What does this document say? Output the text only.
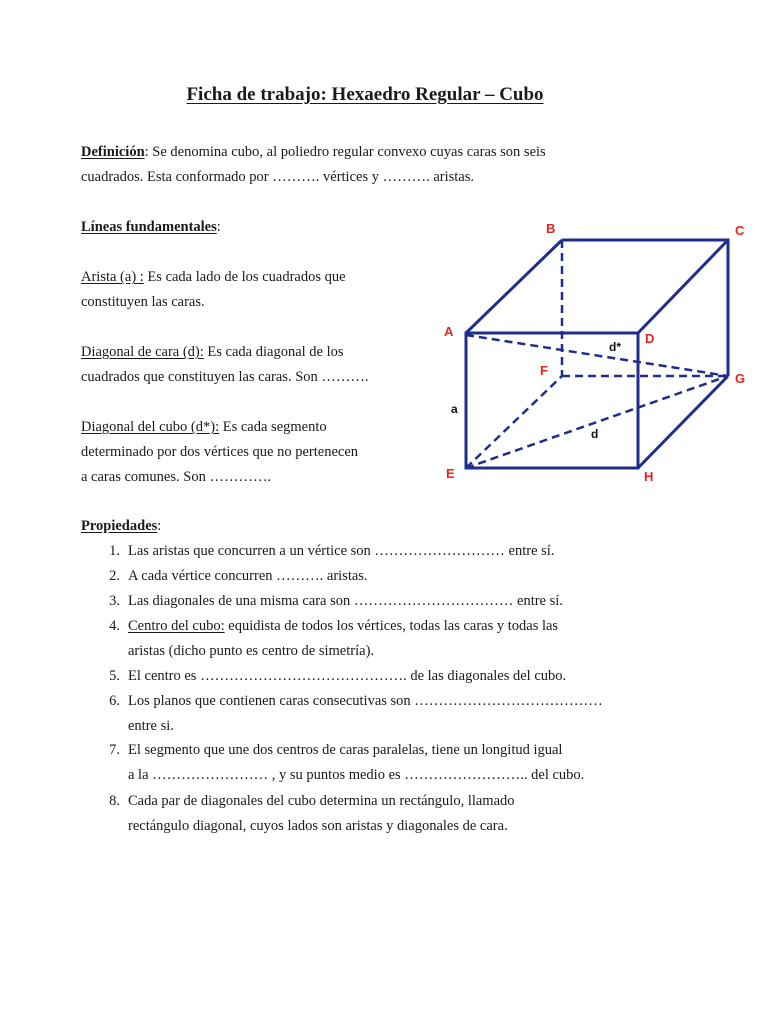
Ficha de trabajo: Hexaedro Regular – Cubo
Definición: Se denomina cubo, al poliedro regular convexo cuyas caras son seis
cuadrados. Esta conformado por ………. vértices y ………. aristas.
Líneas fundamentales:
Arista (a) : Es cada lado de los cuadrados que
constituyen las caras.
Diagonal de cara (d): Es cada diagonal de los
cuadrados que constituyen las caras. Son ……….
Diagonal del cubo (d*): Es cada segmento
determinado por dos vértices que no pertenecen
a caras comunes. Son ………….
A
B	C
D
E
F
G
H
a
d
d*
Propiedades:
1. Las aristas que concurren a un vértice son ……………………… entre sí.
2. A cada vértice concurren ………. aristas.
3. Las diagonales de una misma cara son …………………………… entre sí.
4. Centro del cubo: equidista de todos los vértices, todas las caras y todas las
aristas (dicho punto es centro de simetría).
5. El centro es ……………………………………. de las diagonales del cubo.
6. Los planos que contienen caras consecutivas son …………………………………
entre si.
7. El segmento que une dos centros de caras paralelas, tiene un longitud igual
a la …………………… , y su puntos medio es …………………….. del cubo.
8. Cada par de diagonales del cubo determina un rectángulo, llamado
rectángulo diagonal, cuyos lados son aristas y diagonales de cara.
